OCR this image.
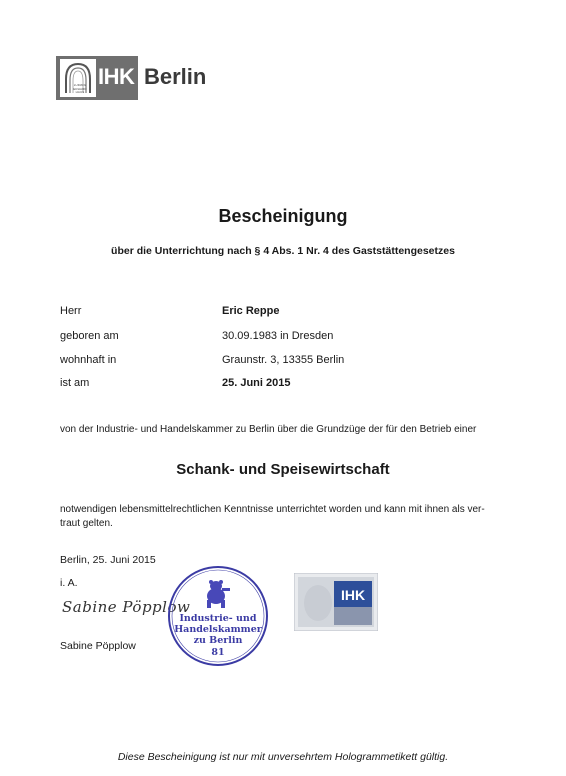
LUDWIG
ERHARD
HAUS
IHK Berlin
Bescheinigung
über die Unterrichtung nach § 4 Abs. 1 Nr. 4 des Gaststättengesetzes
Herr	Eric Reppe
geboren am	30.09.1983 in Dresden
wohnhaft in	Graunstr. 3, 13355 Berlin
ist am	25. Juni 2015
von der Industrie- und Handelskammer zu Berlin über die Grundzüge der für den Betrieb einer
Schank- und Speisewirtschaft
notwendigen lebensmittelrechtlichen Kenntnisse unterrichtet worden und kann mit ihnen als ver-
traut gelten.
Berlin, 25. Juni 2015
i. A.
Sabine Pöpplow
Sabine Pöpplow
Industrie- und
Handelskammer
zu Berlin
81
IHK
Diese Bescheinigung ist nur mit unversehrtem Hologrammetikett gültig.
